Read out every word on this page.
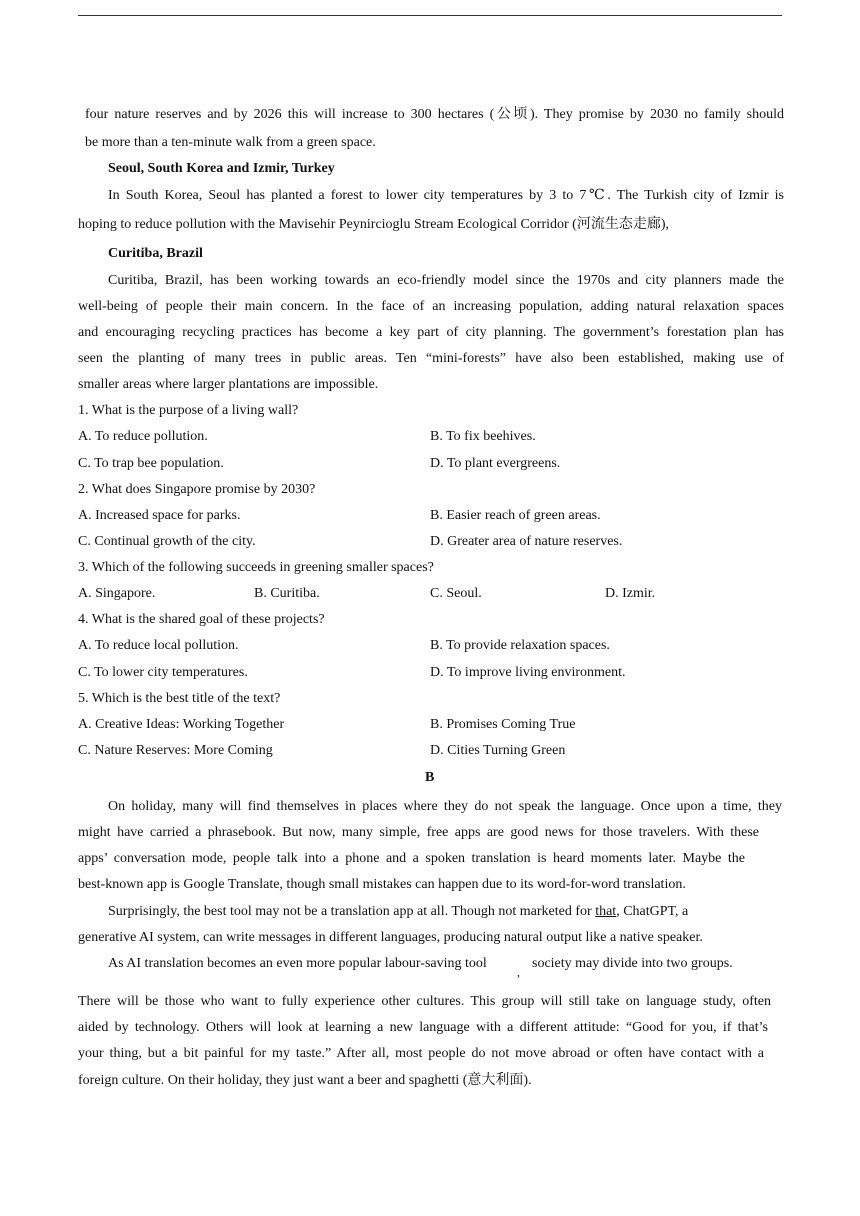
four nature reserves and by 2026 this will increase to 300 hectares (公顷). They promise by 2030 no family should
be more than a ten-minute walk from a green space.
Seoul, South Korea and Izmir, Turkey
In South Korea, Seoul has planted a forest to lower city temperatures by 3 to 7℃. The Turkish city of Izmir is
hoping to reduce pollution with the Mavisehir Peynircioglu Stream Ecological Corridor (河流生态走廊),
Curitiba, Brazil
Curitiba, Brazil, has been working towards an eco-friendly model since the 1970s and city planners made the
well-being of people their main concern. In the face of an increasing population, adding natural relaxation spaces
and encouraging recycling practices has become a key part of city planning. The government’s forestation plan has
seen the planting of many trees in public areas. Ten “mini-forests” have also been established, making use of
smaller areas where larger plantations are impossible.
1. What is the purpose of a living wall?
A. To reduce pollution.	B. To fix beehives.
C. To trap bee population.	D. To plant evergreens.
2. What does Singapore promise by 2030?
A. Increased space for parks.	B. Easier reach of green areas.
C. Continual growth of the city.	D. Greater area of nature reserves.
3. Which of the following succeeds in greening smaller spaces?
A. Singapore.	B. Curitiba.	C. Seoul.	D. Izmir.
4. What is the shared goal of these projects?
A. To reduce local pollution.	B. To provide relaxation spaces.
C. To lower city temperatures.	D. To improve living environment.
5. Which is the best title of the text?
A. Creative Ideas: Working Together	B. Promises Coming True
C. Nature Reserves: More Coming	D. Cities Turning Green
B
On holiday, many will find themselves in places where they do not speak the language. Once upon a time, they
might have carried a phrasebook. But now, many simple, free apps are good news for those travelers. With these
apps’ conversation mode, people talk into a phone and a spoken translation is heard moments later. Maybe the
best-known app is Google Translate, though small mistakes can happen due to its word-for-word translation.
Surprisingly, the best tool may not be a translation app at all. Though not marketed for that, ChatGPT, a
generative AI system, can write messages in different languages, producing natural output like a native speaker.
As AI translation becomes an even more popular labour-saving tool
,
society may divide into two groups.
There will be those who want to fully experience other cultures. This group will still take on language study, often
aided by technology. Others will look at learning a new language with a different attitude: “Good for you, if that’s
your thing, but a bit painful for my taste.” After all, most people do not move abroad or often have contact with a
foreign culture. On their holiday, they just want a beer and spaghetti (意大利面).
